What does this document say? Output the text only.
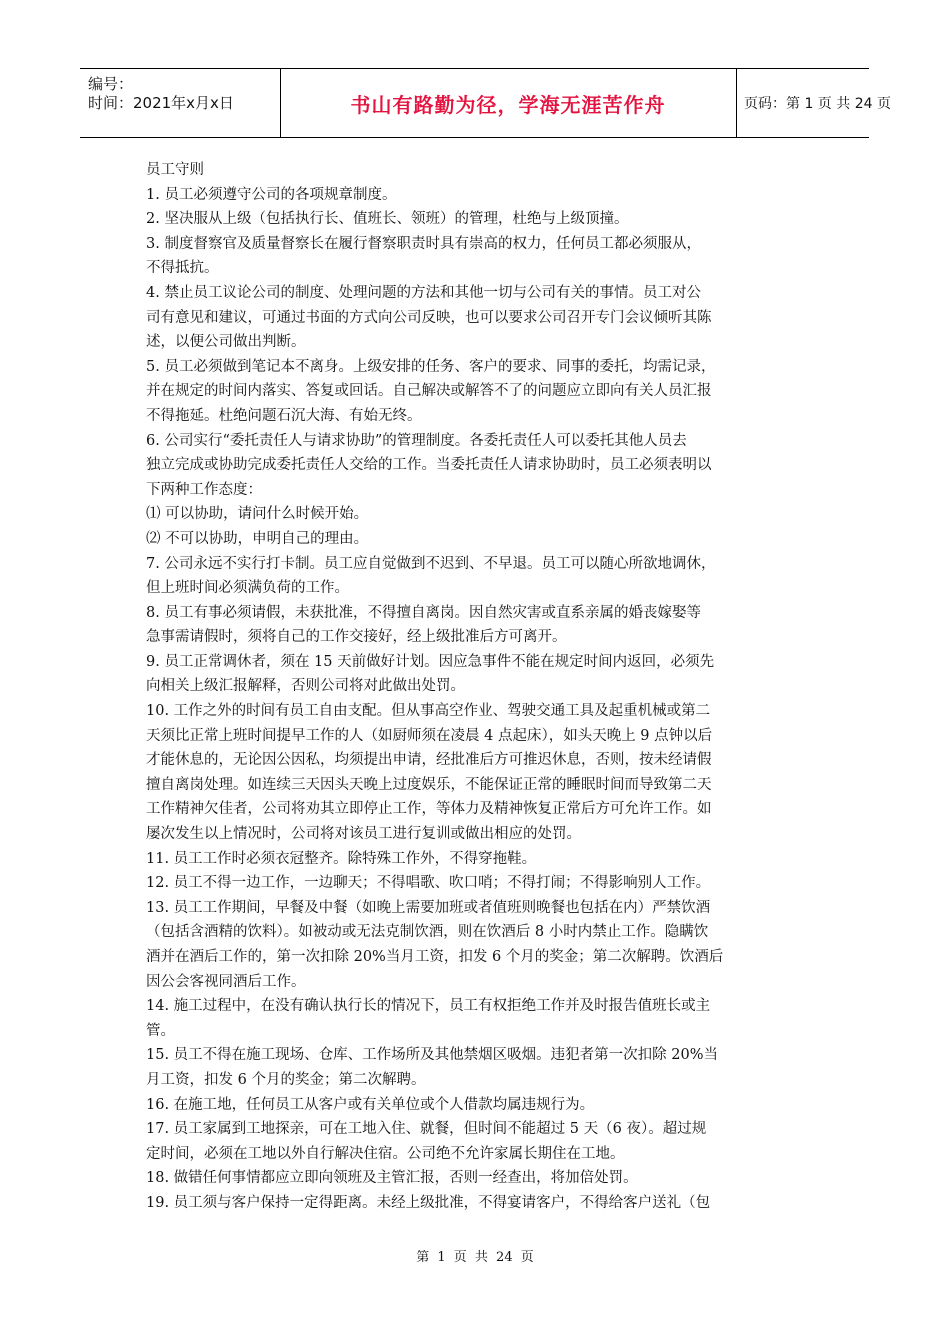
编号：
时间：2021年x月x日	书山有路勤为径，学海无涯苦作舟	页码：第 1 页 共 24 页

员工守则

1. 员工必须遵守公司的各项规章制度。

2. 坚决服从上级（包括执行长、值班长、领班）的管理，杜绝与上级顶撞。

3. 制度督察官及质量督察长在履行督察职责时具有崇高的权力，任何员工都必须服从，

不得抵抗。

4. 禁止员工议论公司的制度、处理问题的方法和其他一切与公司有关的事情。员工对公

司有意见和建议，可通过书面的方式向公司反映，也可以要求公司召开专门会议倾听其陈

述，以便公司做出判断。

5. 员工必须做到笔记本不离身。上级安排的任务、客户的要求、同事的委托，均需记录，

并在规定的时间内落实、答复或回话。自己解决或解答不了的问题应立即向有关人员汇报

不得拖延。杜绝问题石沉大海、有始无终。

6. 公司实行“委托责任人与请求协助”的管理制度。各委托责任人可以委托其他人员去

独立完成或协助完成委托责任人交给的工作。当委托责任人请求协助时，员工必须表明以

下两种工作态度：

⑴ 可以协助，请问什么时候开始。

⑵ 不可以协助，申明自己的理由。

7. 公司永远不实行打卡制。员工应自觉做到不迟到、不早退。员工可以随心所欲地调休，

但上班时间必须满负荷的工作。

8. 员工有事必须请假，未获批准，不得擅自离岗。因自然灾害或直系亲属的婚丧嫁娶等

急事需请假时，须将自己的工作交接好，经上级批准后方可离开。

9. 员工正常调休者，须在 15 天前做好计划。因应急事件不能在规定时间内返回，必须先

向相关上级汇报解释，否则公司将对此做出处罚。

10. 工作之外的时间有员工自由支配。但从事高空作业、驾驶交通工具及起重机械或第二

天须比正常上班时间提早工作的人（如厨师须在凌晨 4 点起床），如头天晚上 9 点钟以后

才能休息的，无论因公因私，均须提出申请，经批准后方可推迟休息，否则，按未经请假

擅自离岗处理。如连续三天因头天晚上过度娱乐，不能保证正常的睡眠时间而导致第二天

工作精神欠佳者，公司将劝其立即停止工作，等体力及精神恢复正常后方可允许工作。如

屡次发生以上情况时，公司将对该员工进行复训或做出相应的处罚。

11. 员工工作时必须衣冠整齐。除特殊工作外，不得穿拖鞋。

12. 员工不得一边工作，一边聊天；不得唱歌、吹口哨；不得打闹；不得影响别人工作。

13. 员工工作期间，早餐及中餐（如晚上需要加班或者值班则晚餐也包括在内）严禁饮酒

（包括含酒精的饮料）。如被动或无法克制饮酒，则在饮酒后 8 小时内禁止工作。隐瞒饮

酒并在酒后工作的，第一次扣除 20%当月工资，扣发 6 个月的奖金；第二次解聘。饮酒后

因公会客视同酒后工作。

14. 施工过程中，在没有确认执行长的情况下，员工有权拒绝工作并及时报告值班长或主

管。

15. 员工不得在施工现场、仓库、工作场所及其他禁烟区吸烟。违犯者第一次扣除 20%当

月工资，扣发 6 个月的奖金；第二次解聘。

16. 在施工地，任何员工从客户或有关单位或个人借款均属违规行为。

17. 员工家属到工地探亲，可在工地入住、就餐，但时间不能超过 5 天（6 夜）。超过规

定时间，必须在工地以外自行解决住宿。公司绝不允许家属长期住在工地。

18. 做错任何事情都应立即向领班及主管汇报，否则一经查出，将加倍处罚。

19. 员工须与客户保持一定得距离。未经上级批准，不得宴请客户，不得给客户送礼（包

第 1 页 共 24 页
